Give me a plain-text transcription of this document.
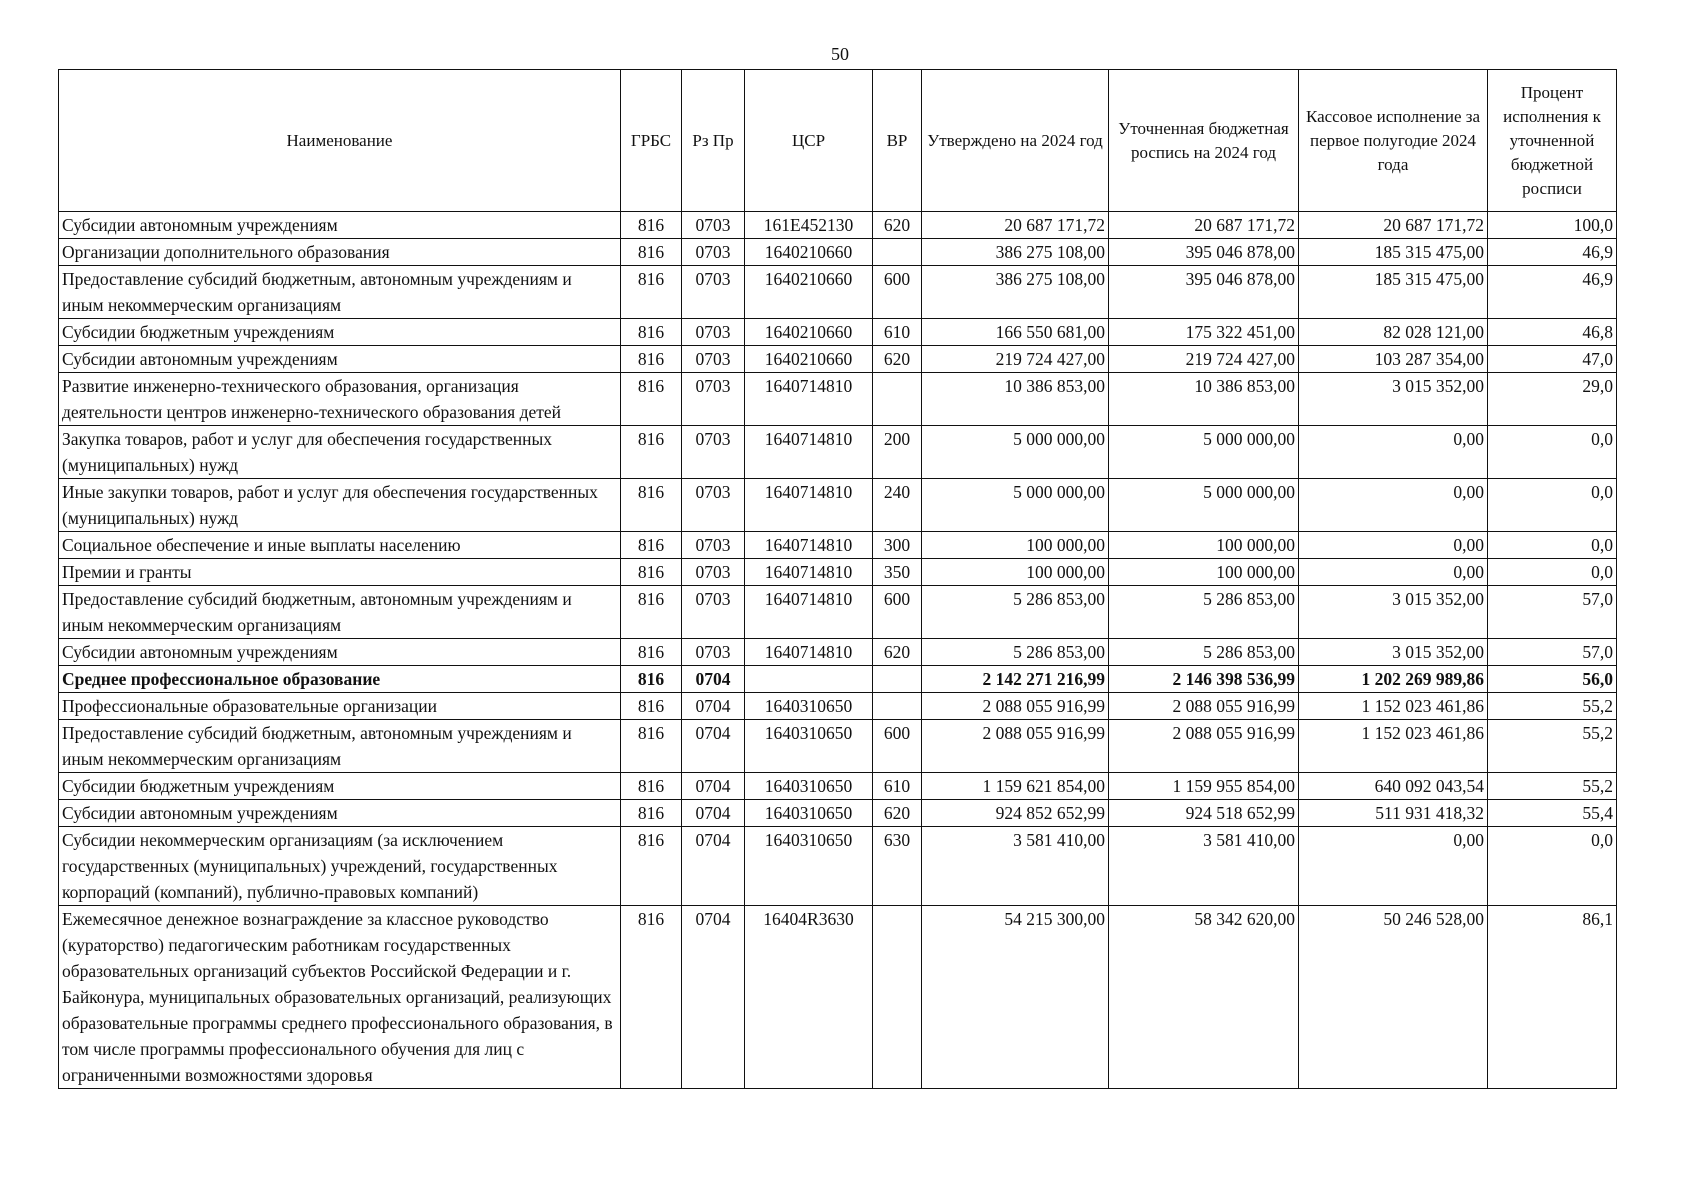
50
Наименование	ГРБС	Рз Пр	ЦСР	ВР	Утверждено на 2024 год	Уточненная бюджетная роспись на 2024 год	Кассовое исполнение за первое полугодие 2024 года	Процент исполнения к уточненной бюджетной росписи
Субсидии автономным учреждениям	816	0703	161E452130	620	20 687 171,72	20 687 171,72	20 687 171,72	100,0
Организации дополнительного образования	816	0703	1640210660		386 275 108,00	395 046 878,00	185 315 475,00	46,9
Предоставление субсидий бюджетным, автономным учреждениям и иным некоммерческим организациям	816	0703	1640210660	600	386 275 108,00	395 046 878,00	185 315 475,00	46,9
Субсидии бюджетным учреждениям	816	0703	1640210660	610	166 550 681,00	175 322 451,00	82 028 121,00	46,8
Субсидии автономным учреждениям	816	0703	1640210660	620	219 724 427,00	219 724 427,00	103 287 354,00	47,0
Развитие инженерно-технического образования, организация деятельности центров инженерно-технического образования детей	816	0703	1640714810		10 386 853,00	10 386 853,00	3 015 352,00	29,0
Закупка товаров, работ и услуг для обеспечения государственных (муниципальных) нужд	816	0703	1640714810	200	5 000 000,00	5 000 000,00	0,00	0,0
Иные закупки товаров, работ и услуг для обеспечения государственных (муниципальных) нужд	816	0703	1640714810	240	5 000 000,00	5 000 000,00	0,00	0,0
Социальное обеспечение и иные выплаты населению	816	0703	1640714810	300	100 000,00	100 000,00	0,00	0,0
Премии и гранты	816	0703	1640714810	350	100 000,00	100 000,00	0,00	0,0
Предоставление субсидий бюджетным, автономным учреждениям и иным некоммерческим организациям	816	0703	1640714810	600	5 286 853,00	5 286 853,00	3 015 352,00	57,0
Субсидии автономным учреждениям	816	0703	1640714810	620	5 286 853,00	5 286 853,00	3 015 352,00	57,0
Среднее профессиональное образование	816	0704			2 142 271 216,99	2 146 398 536,99	1 202 269 989,86	56,0
Профессиональные образовательные организации	816	0704	1640310650		2 088 055 916,99	2 088 055 916,99	1 152 023 461,86	55,2
Предоставление субсидий бюджетным, автономным учреждениям и иным некоммерческим организациям	816	0704	1640310650	600	2 088 055 916,99	2 088 055 916,99	1 152 023 461,86	55,2
Субсидии бюджетным учреждениям	816	0704	1640310650	610	1 159 621 854,00	1 159 955 854,00	640 092 043,54	55,2
Субсидии автономным учреждениям	816	0704	1640310650	620	924 852 652,99	924 518 652,99	511 931 418,32	55,4
Субсидии некоммерческим организациям (за исключением государственных (муниципальных) учреждений, государственных корпораций (компаний), публично-правовых компаний)	816	0704	1640310650	630	3 581 410,00	3 581 410,00	0,00	0,0
Ежемесячное денежное вознаграждение за классное руководство (кураторство) педагогическим работникам государственных образовательных организаций субъектов Российской Федерации и г. Байконура, муниципальных образовательных организаций, реализующих образовательные программы среднего профессионального образования, в том числе программы профессионального обучения для лиц с ограниченными возможностями здоровья	816	0704	16404R3630		54 215 300,00	58 342 620,00	50 246 528,00	86,1
